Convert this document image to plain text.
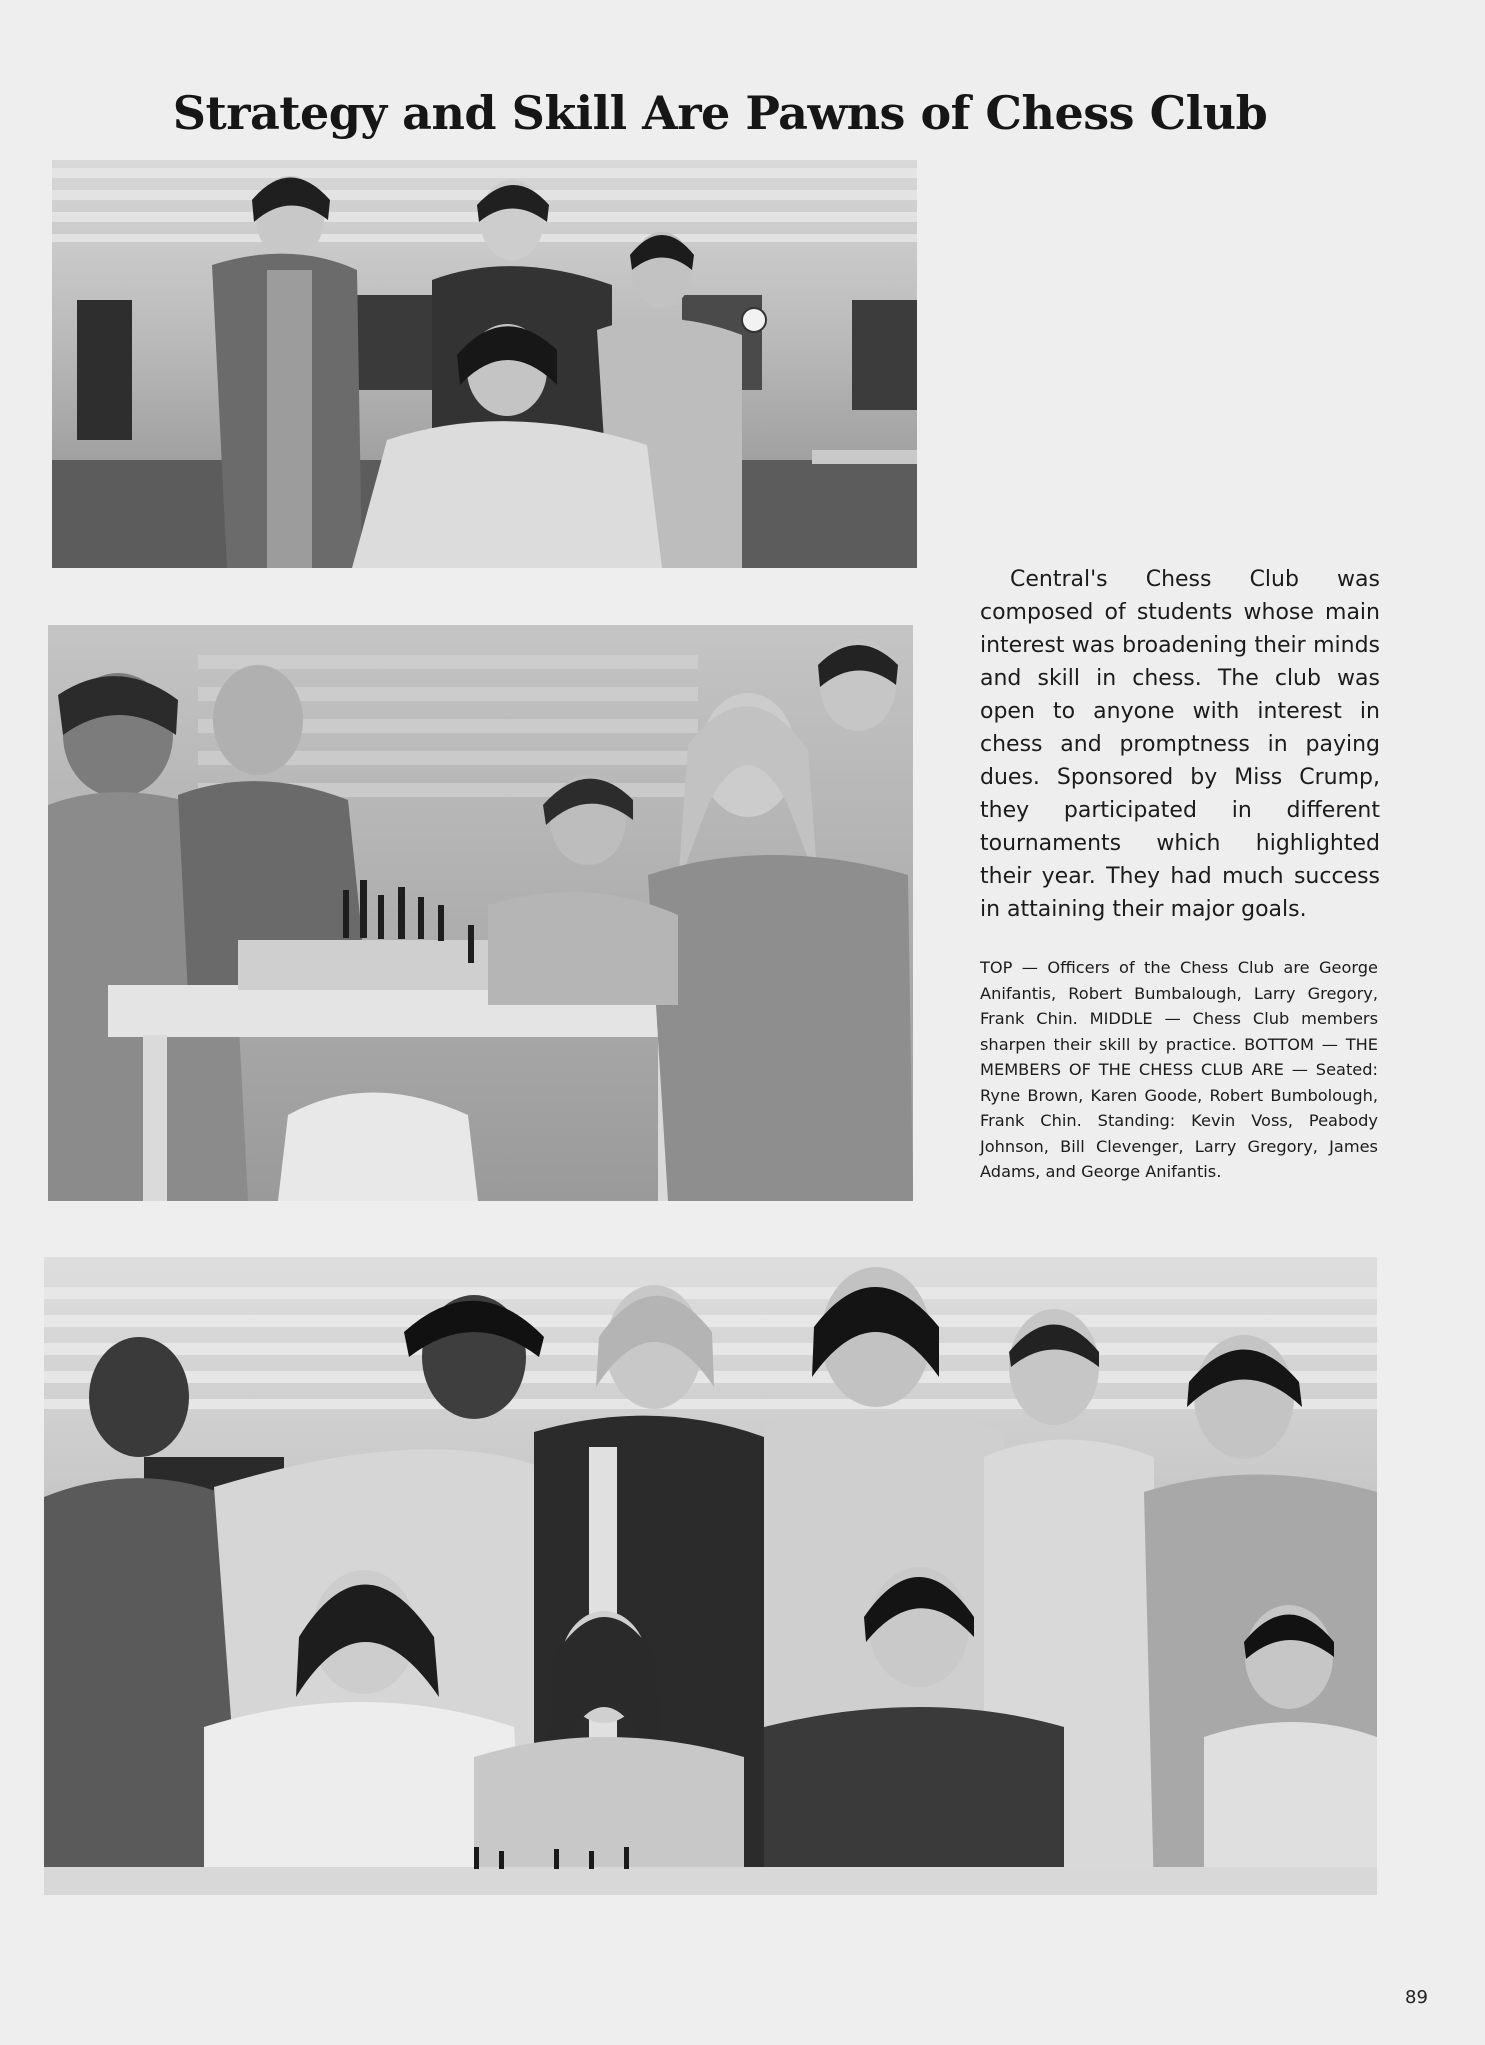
Strategy and Skill Are Pawns of Chess Club

Central's Chess Club was composed of students whose main interest was broadening their minds and skill in chess. The club was open to anyone with interest in chess and promptness in paying dues. Sponsored by Miss Crump, they participated in different tournaments which highlighted their year. They had much success in attaining their major goals.

TOP — Officers of the Chess Club are George Anifantis, Robert Bumbalough, Larry Gregory, Frank Chin. MIDDLE — Chess Club members sharpen their skill by practice. BOTTOM — THE MEMBERS OF THE CHESS CLUB ARE — Seated: Ryne Brown, Karen Goode, Robert Bumbolough, Frank Chin. Standing: Kevin Voss, Peabody Johnson, Bill Clevenger, Larry Gregory, James Adams, and George Anifantis.

89
